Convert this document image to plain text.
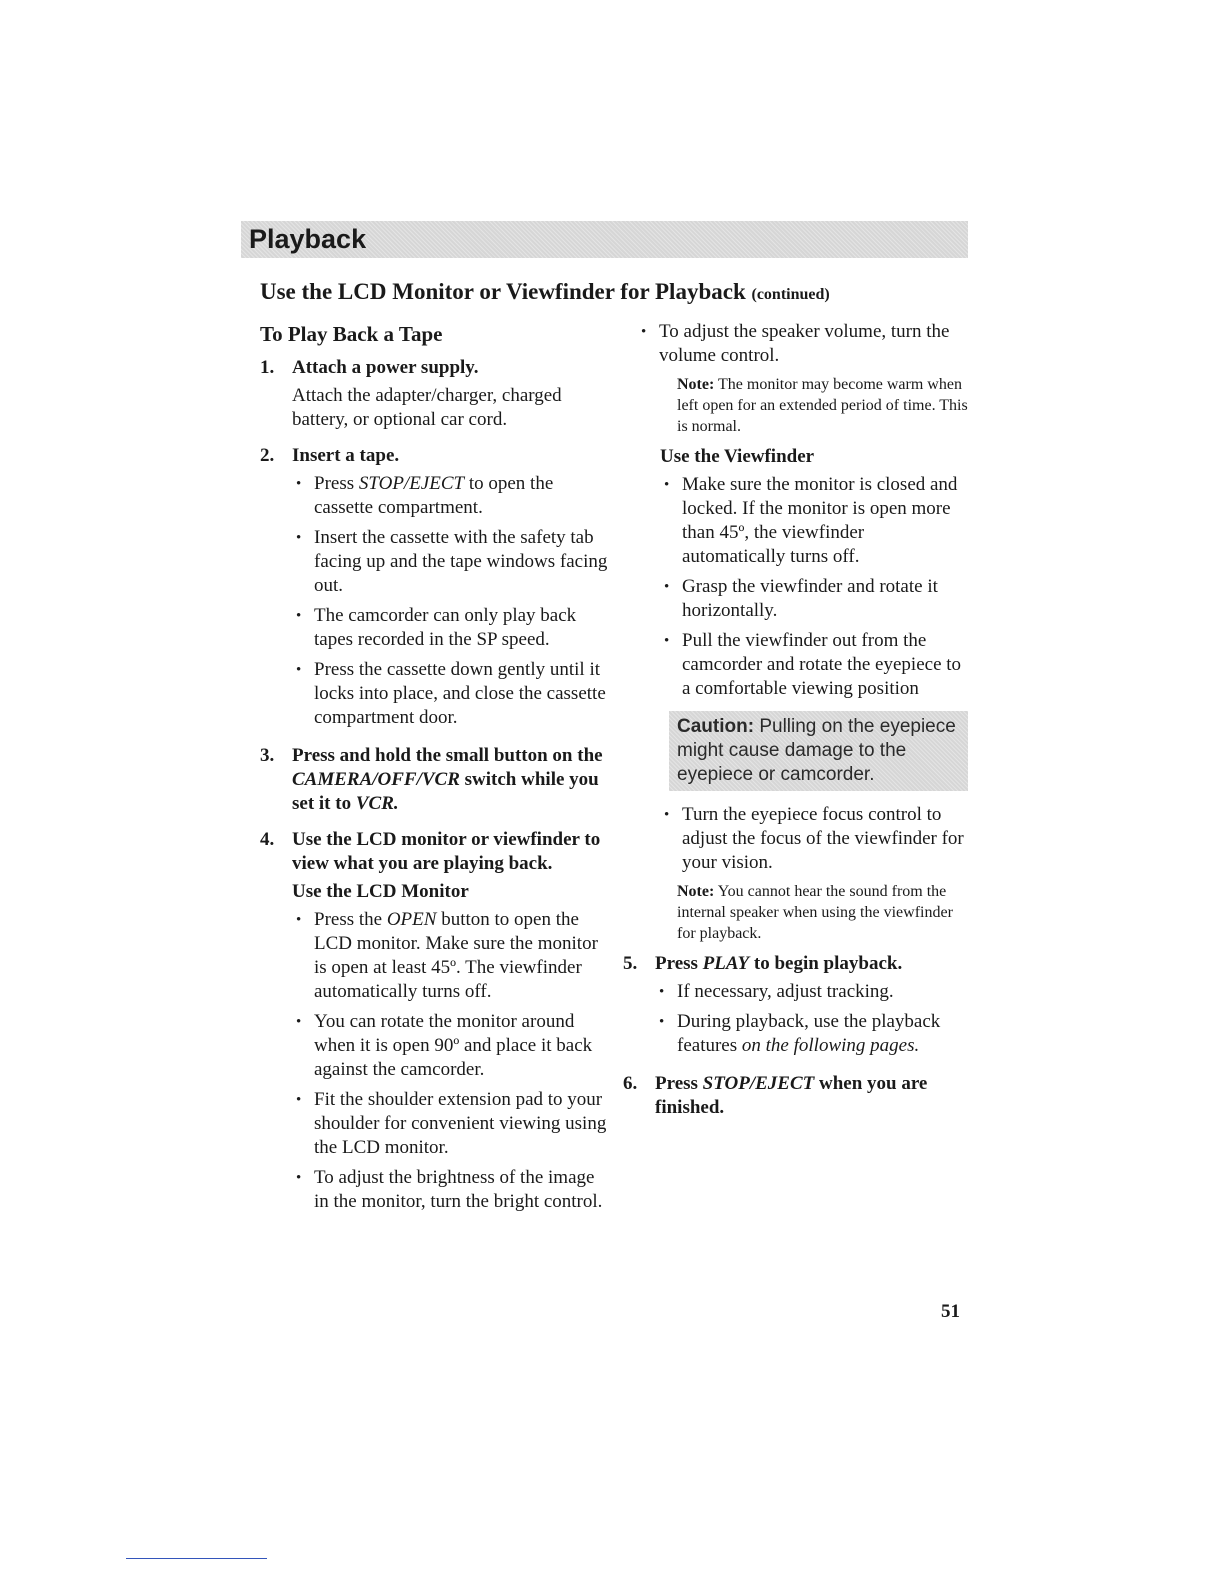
Playback
Use the LCD Monitor or Viewfinder for Playback (continued)
To Play Back a Tape
1. Attach a power supply.
Attach the adapter/charger, charged battery, or optional car cord.
2. Insert a tape.
• Press STOP/EJECT to open the cassette compartment.
• Insert the cassette with the safety tab facing up and the tape windows facing out.
• The camcorder can only play back tapes recorded in the SP speed.
• Press the cassette down gently until it locks into place, and close the cassette compartment door.
3. Press and hold the small button on the CAMERA/OFF/VCR switch while you set it to VCR.
4. Use the LCD monitor or viewfinder to view what you are playing back.
Use the LCD Monitor
• Press the OPEN button to open the LCD monitor. Make sure the monitor is open at least 45º. The viewfinder automatically turns off.
• You can rotate the monitor around when it is open 90º and place it back against the camcorder.
• Fit the shoulder extension pad to your shoulder for convenient viewing using the LCD monitor.
• To adjust the brightness of the image in the monitor, turn the bright control.
• To adjust the speaker volume, turn the volume control.
Note: The monitor may become warm when left open for an extended period of time. This is normal.
Use the Viewfinder
• Make sure the monitor is closed and locked. If the monitor is open more than 45º, the viewfinder automatically turns off.
• Grasp the viewfinder and rotate it horizontally.
• Pull the viewfinder out from the camcorder and rotate the eyepiece to a comfortable viewing position
Caution: Pulling on the eyepiece might cause damage to the eyepiece or camcorder.
• Turn the eyepiece focus control to adjust the focus of the viewfinder for your vision.
Note: You cannot hear the sound from the internal speaker when using the viewfinder for playback.
5. Press PLAY to begin playback.
• If necessary, adjust tracking.
• During playback, use the playback features on the following pages.
6. Press STOP/EJECT when you are finished.
51
